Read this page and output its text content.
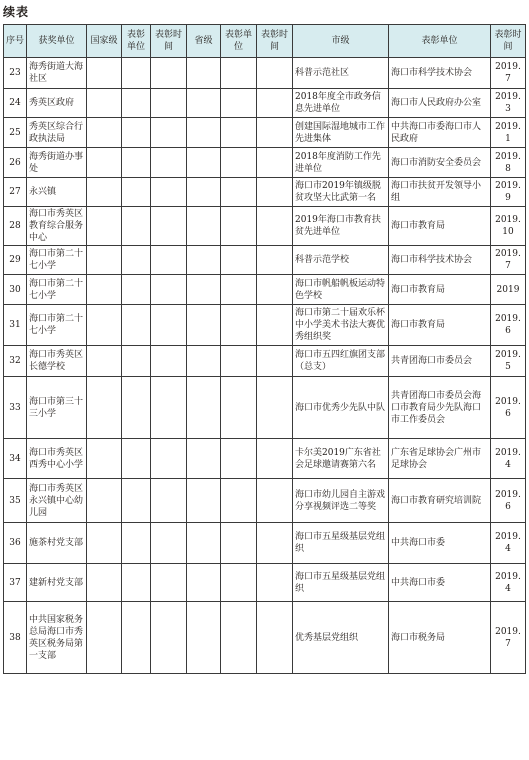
续表
序号	获奖单位	国家级	表彰单位	表彰时间	省级	表彰单位	表彰时间	市级	表彰单位	表彰时间
23	海秀街道大海社区							科普示范社区	海口市科学技术协会	2019.7
24	秀英区政府							2018年度全市政务信息先进单位	海口市人民政府办公室	2019.3
25	秀英区综合行政执法局							创建国际湿地城市工作先进集体	中共海口市委海口市人民政府	2019.1
26	海秀街道办事处							2018年度消防工作先进单位	海口市消防安全委员会	2019.8
27	永兴镇							海口市2019年镇级脱贫攻坚大比武第一名	海口市扶贫开发领导小组	2019.9
28	海口市秀英区教育综合服务中心							2019年海口市教育扶贫先进单位	海口市教育局	2019.10
29	海口市第二十七小学							科普示范学校	海口市科学技术协会	2019.7
30	海口市第二十七小学							海口市帆船帆板运动特色学校	海口市教育局	2019
31	海口市第二十七小学							海口市第二十届欢乐杯中小学美术书法大赛优秀组织奖	海口市教育局	2019.6
32	海口市秀英区长德学校							海口市五四红旗团支部（总支）	共青团海口市委员会	2019.5
33	海口市第三十三小学							海口市优秀少先队中队	共青团海口市委员会海口市教育局少先队海口市工作委员会	2019.6
34	海口市秀英区西秀中心小学							卡尔美2019广东省社会足球邀请赛第六名	广东省足球协会广州市足球协会	2019.4
35	海口市秀英区永兴镇中心幼儿园							海口市幼儿园自主游戏分享视频评选二等奖	海口市教育研究培训院	2019.6
36	施茶村党支部							海口市五星级基层党组织	中共海口市委	2019.4
37	建新村党支部							海口市五星级基层党组织	中共海口市委	2019.4
38	中共国家税务总局海口市秀英区税务局第一支部							优秀基层党组织	海口市税务局	2019.7
